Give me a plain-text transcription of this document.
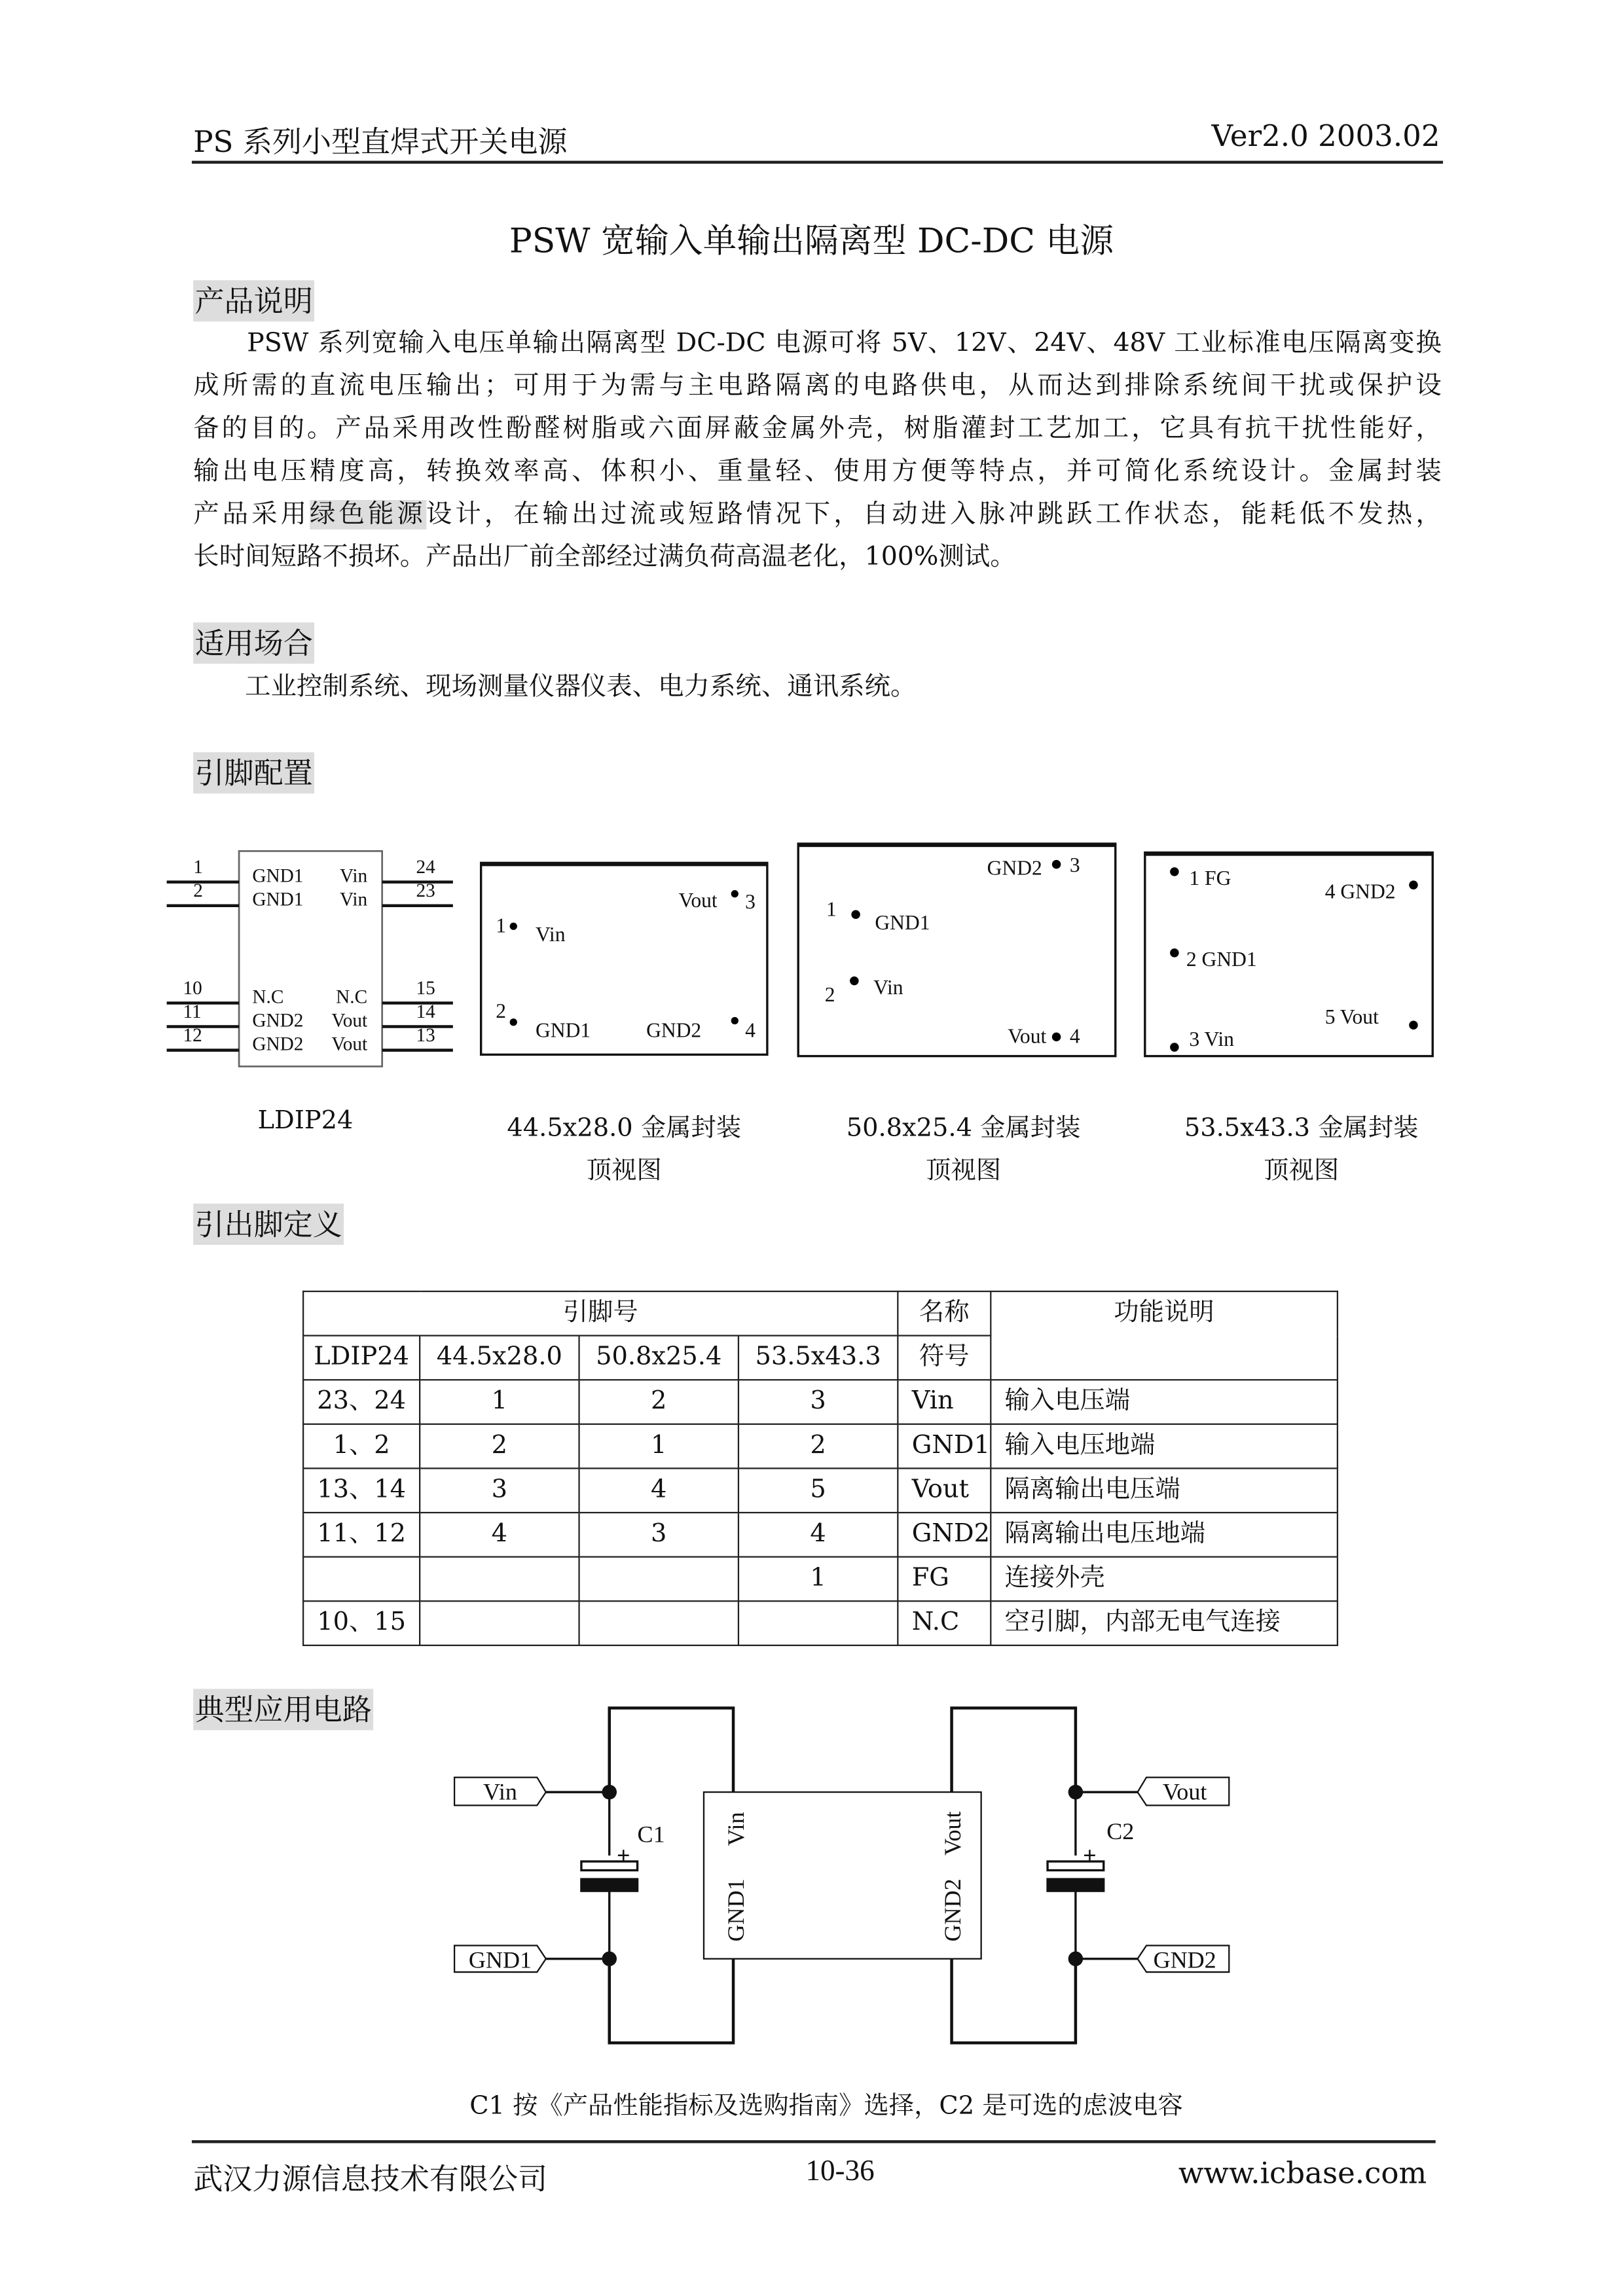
PS 系列小型直焊式开关电源	Ver2.0 2003.02
PSW 宽输入单输出隔离型 DC-DC 电源
产品说明
　　PSW 系列宽输入电压单输出隔离型 DC-DC 电源可将 5V、12V、24V、48V 工业标准电压隔离变换
成所需的直流电压输出；可用于为需与主电路隔离的电路供电，从而达到排除系统间干扰或保护设
备的目的。产品采用改性酚醛树脂或六面屏蔽金属外壳，树脂灌封工艺加工，它具有抗干扰性能好，
输出电压精度高，转换效率高、体积小、重量轻、使用方便等特点，并可简化系统设计。金属封装
产品采用绿色能源设计，在输出过流或短路情况下，自动进入脉冲跳跃工作状态，能耗低不发热，
长时间短路不损坏。产品出厂前全部经过满负荷高温老化，100%测试。
适用场合
　　工业控制系统、现场测量仪器仪表、电力系统、通讯系统。
引脚配置
1
2
10
11
12
24
23
15
14
13
GND1
GND1
N.C
GND2
GND2
Vin
Vin
N.C
Vout
Vout
1	Vin
2
GND1
Vout	3
GND2	4
1
GND1
2	Vin
GND2	3
Vout	4
1 FG
2 GND1
3 Vin
4 GND2
5 Vout
Vin
GND1
Vout
GND2
C1	C2
+	+
Vin
GND1
Vout
GND2
LDIP24	44.5x28.0 金属封装
顶视图
50.8x25.4 金属封装
顶视图
53.5x43.3 金属封装
顶视图
引出脚定义
引脚号				名称	功能说明
LDIP24	44.5x28.0	50.8x25.4	53.5x43.3	符号	
23、24	1	2	3	Vin	输入电压端
1、2	2	1	2	GND1	输入电压地端
13、14	3	4	5	Vout	隔离输出电压端
11、12	4	3	4	GND2	隔离输出电压地端
			1	FG	连接外壳
10、15				N.C	空引脚，内部无电气连接
典型应用电路
C1 按《产品性能指标及选购指南》选择，C2 是可选的虑波电容
武汉力源信息技术有限公司	10-36	www.icbase.com
